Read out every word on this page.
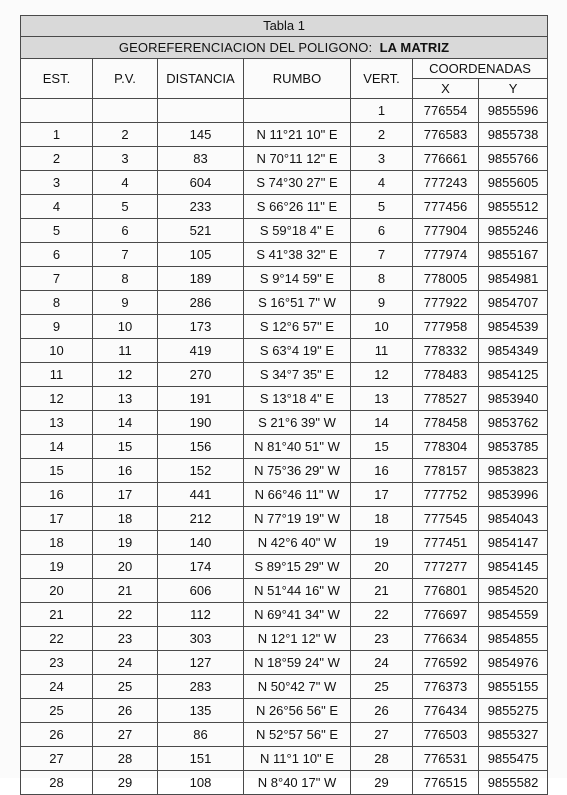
Tabla 1						
GEOREFERENCIACION DEL POLIGONO: LA MATRIZ						
EST.	P.V.	DISTANCIA	RUMBO	VERT.	COORDENADAS	
					X	Y
				1	776554	9855596
1	2	145	N 11°21 10" E	2	776583	9855738
2	3	83	N 70°11 12" E	3	776661	9855766
3	4	604	S 74°30 27" E	4	777243	9855605
4	5	233	S 66°26 11" E	5	777456	9855512
5	6	521	S 59°18 4" E	6	777904	9855246
6	7	105	S 41°38 32" E	7	777974	9855167
7	8	189	S 9°14 59" E	8	778005	9854981
8	9	286	S 16°51 7" W	9	777922	9854707
9	10	173	S 12°6 57" E	10	777958	9854539
10	11	419	S 63°4 19" E	11	778332	9854349
11	12	270	S 34°7 35" E	12	778483	9854125
12	13	191	S 13°18 4" E	13	778527	9853940
13	14	190	S 21°6 39" W	14	778458	9853762
14	15	156	N 81°40 51" W	15	778304	9853785
15	16	152	N 75°36 29" W	16	778157	9853823
16	17	441	N 66°46 11" W	17	777752	9853996
17	18	212	N 77°19 19" W	18	777545	9854043
18	19	140	N 42°6 40" W	19	777451	9854147
19	20	174	S 89°15 29" W	20	777277	9854145
20	21	606	N 51°44 16" W	21	776801	9854520
21	22	112	N 69°41 34" W	22	776697	9854559
22	23	303	N 12°1 12" W	23	776634	9854855
23	24	127	N 18°59 24" W	24	776592	9854976
24	25	283	N 50°42 7" W	25	776373	9855155
25	26	135	N 26°56 56" E	26	776434	9855275
26	27	86	N 52°57 56" E	27	776503	9855327
27	28	151	N 11°1 10" E	28	776531	9855475
28	29	108	N 8°40 17" W	29	776515	9855582
